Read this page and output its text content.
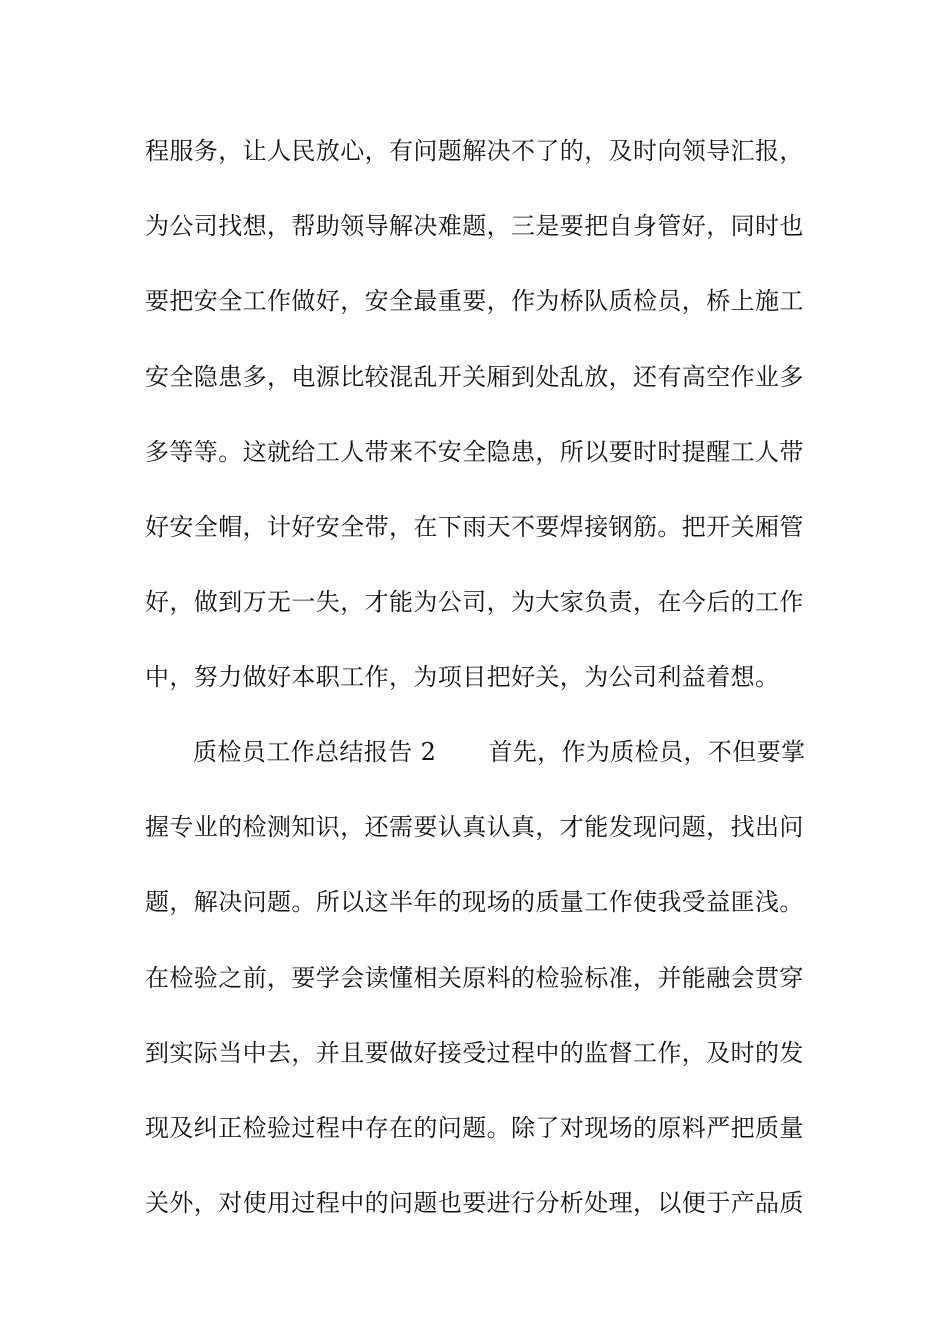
程服务，让人民放心，有问题解决不了的，及时向领导汇报，
为公司找想，帮助领导解决难题，三是要把自身管好，同时也
要把安全工作做好，安全最重要，作为桥队质检员，桥上施工
安全隐患多，电源比较混乱开关厢到处乱放，还有高空作业多
多等等。这就给工人带来不安全隐患，所以要时时提醒工人带
好安全帽，计好安全带，在下雨天不要焊接钢筋。把开关厢管
好，做到万无一失，才能为公司，为大家负责，在今后的工作
中，努力做好本职工作，为项目把好关，为公司利益着想。
质检员工作总结报告 2 首先，作为质检员，不但要掌
握专业的检测知识，还需要认真认真，才能发现问题，找出问
题，解决问题。所以这半年的现场的质量工作使我受益匪浅。
在检验之前，要学会读懂相关原料的检验标准，并能融会贯穿
到实际当中去，并且要做好接受过程中的监督工作，及时的发
现及纠正检验过程中存在的问题。除了对现场的原料严把质量
关外，对使用过程中的问题也要进行分析处理，以便于产品质
